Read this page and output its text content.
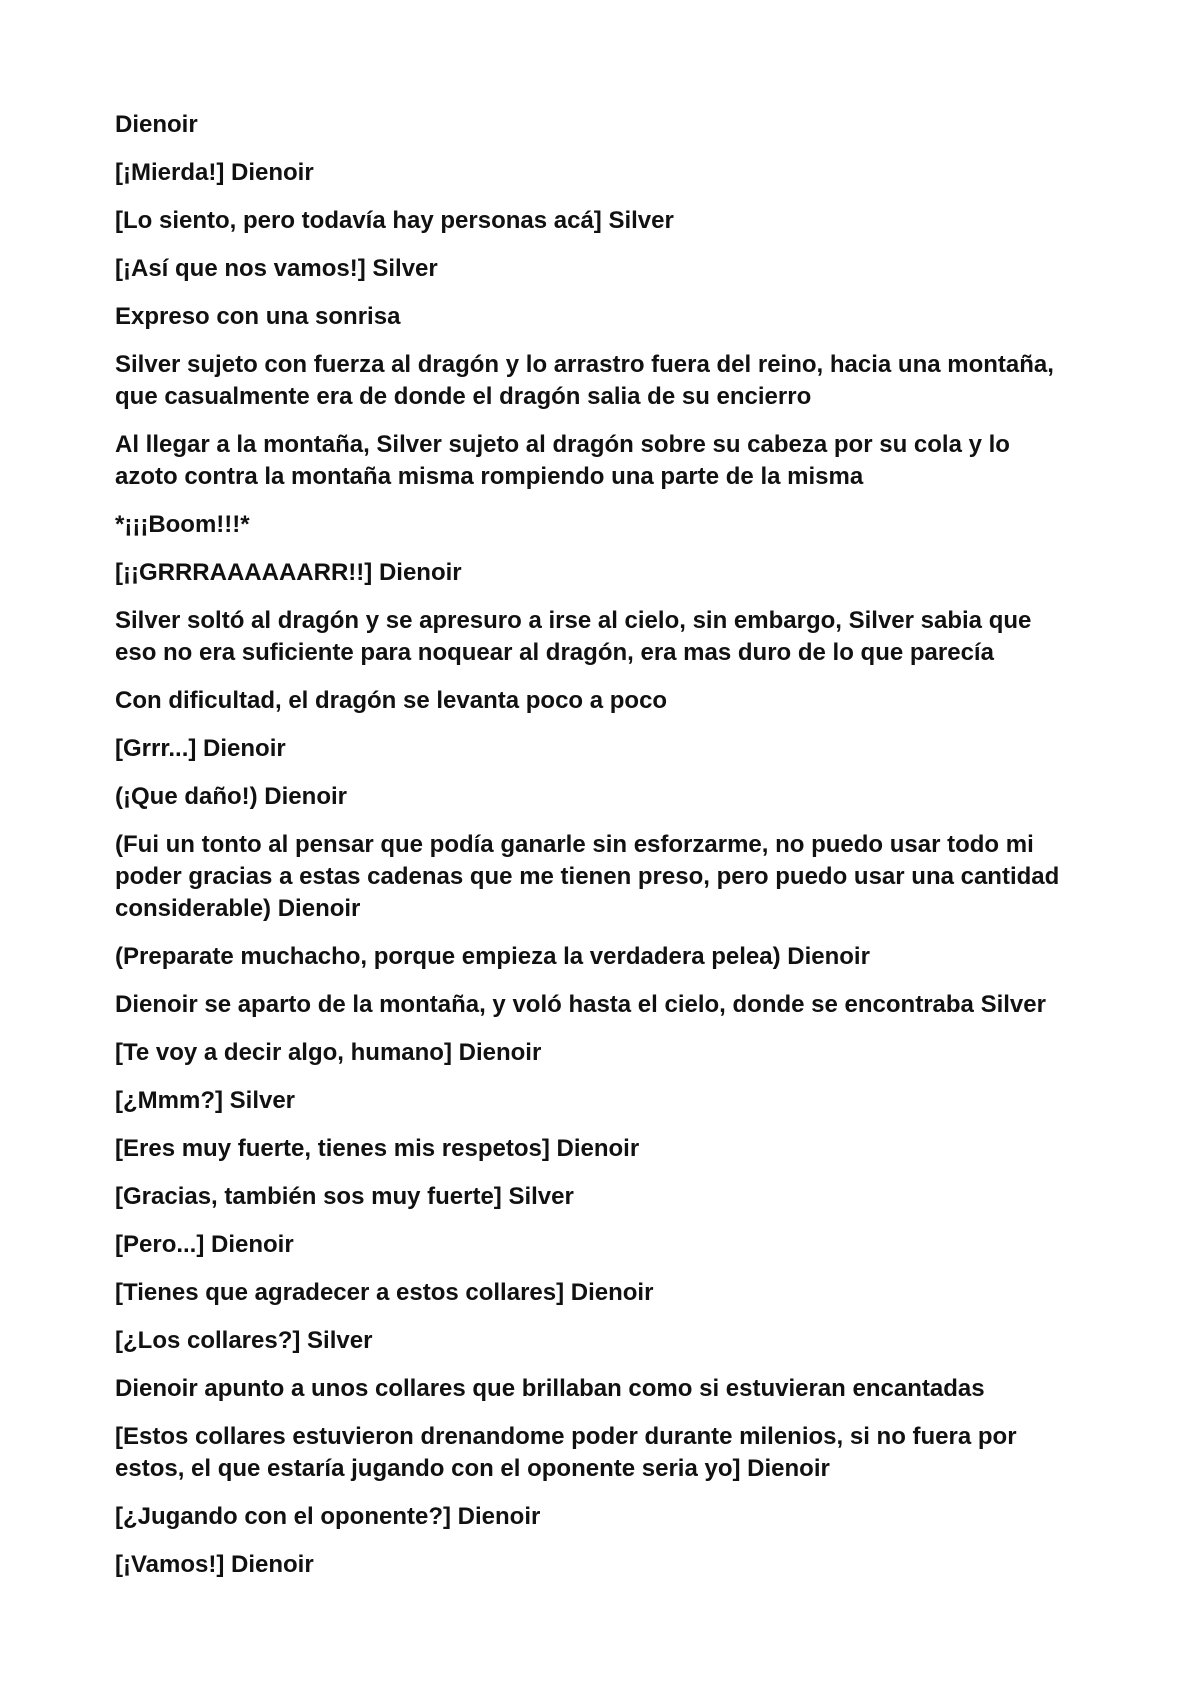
Dienoir

[¡Mierda!] Dienoir

[Lo siento, pero todavía hay personas acá] Silver

[¡Así que nos vamos!] Silver

Expreso con una sonrisa

Silver sujeto con fuerza al dragón y lo arrastro fuera del reino, hacia una montaña,
que casualmente era de donde el dragón salia de su encierro

Al llegar a la montaña, Silver sujeto al dragón sobre su cabeza por su cola y lo
azoto contra la montaña misma rompiendo una parte de la misma

*¡¡¡Boom!!!*

[¡¡GRRRAAAAAARR!!] Dienoir

Silver soltó al dragón y se apresuro a irse al cielo, sin embargo, Silver sabia que
eso no era suficiente para noquear al dragón, era mas duro de lo que parecía

Con dificultad, el dragón se levanta poco a poco

[Grrr...] Dienoir

(¡Que daño!) Dienoir

(Fui un tonto al pensar que podía ganarle sin esforzarme, no puedo usar todo mi
poder gracias a estas cadenas que me tienen preso, pero puedo usar una cantidad
considerable) Dienoir

(Preparate muchacho, porque empieza la verdadera pelea) Dienoir

Dienoir se aparto de la montaña, y voló hasta el cielo, donde se encontraba Silver

[Te voy a decir algo, humano] Dienoir

[¿Mmm?] Silver

[Eres muy fuerte, tienes mis respetos] Dienoir

[Gracias, también sos muy fuerte] Silver

[Pero...] Dienoir

[Tienes que agradecer a estos collares] Dienoir

[¿Los collares?] Silver

Dienoir apunto a unos collares que brillaban como si estuvieran encantadas

[Estos collares estuvieron drenandome poder durante milenios, si no fuera por
estos, el que estaría jugando con el oponente seria yo] Dienoir

[¿Jugando con el oponente?] Dienoir

[¡Vamos!] Dienoir
